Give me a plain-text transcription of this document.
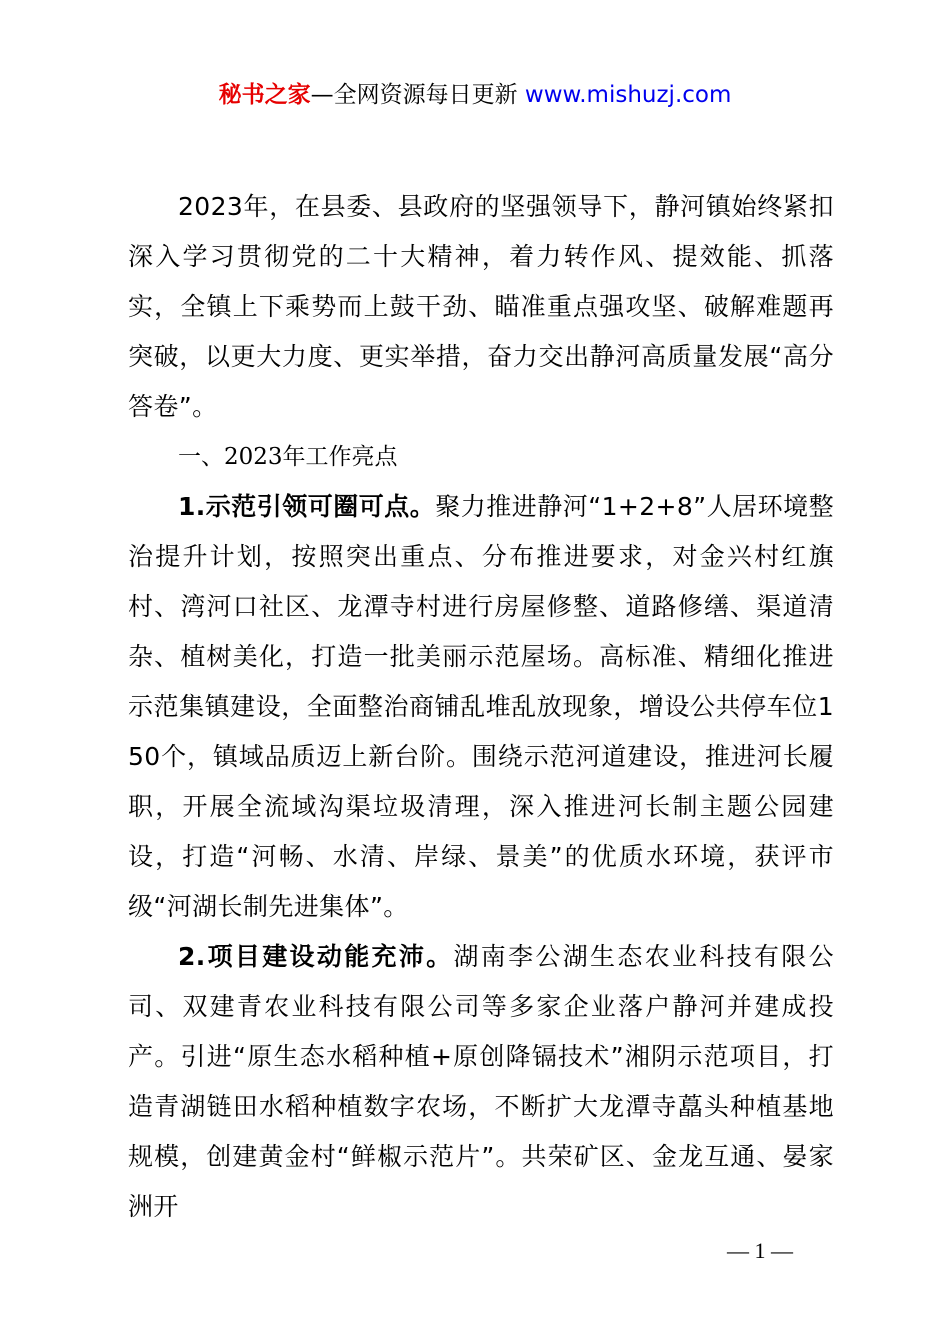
秘书之家—全网资源每日更新 www.mishuzj.com

2023年，在县委、县政府的坚强领导下，静河镇始终紧扣深入学习贯彻党的二十大精神，着力转作风、提效能、抓落实，全镇上下乘势而上鼓干劲、瞄准重点强攻坚、破解难题再突破，以更大力度、更实举措，奋力交出静河高质量发展“高分答卷”。

一、2023年工作亮点

1.示范引领可圈可点。聚力推进静河“1+2+8”人居环境整治提升计划，按照突出重点、分布推进要求，对金兴村红旗村、湾河口社区、龙潭寺村进行房屋修整、道路修缮、渠道清杂、植树美化，打造一批美丽示范屋场。高标准、精细化推进示范集镇建设，全面整治商铺乱堆乱放现象，增设公共停车位150个，镇域品质迈上新台阶。围绕示范河道建设，推进河长履职，开展全流域沟渠垃圾清理，深入推进河长制主题公园建设，打造“河畅、水清、岸绿、景美”的优质水环境，获评市级“河湖长制先进集体”。

2.项目建设动能充沛。湖南李公湖生态农业科技有限公司、双建青农业科技有限公司等多家企业落户静河并建成投产。引进“原生态水稻种植+原创降镉技术”湘阴示范项目，打造青湖链田水稻种植数字农场，不断扩大龙潭寺藠头种植基地规模，创建黄金村“鲜椒示范片”。共荣矿区、金龙互通、晏家洲开

— 1 —
